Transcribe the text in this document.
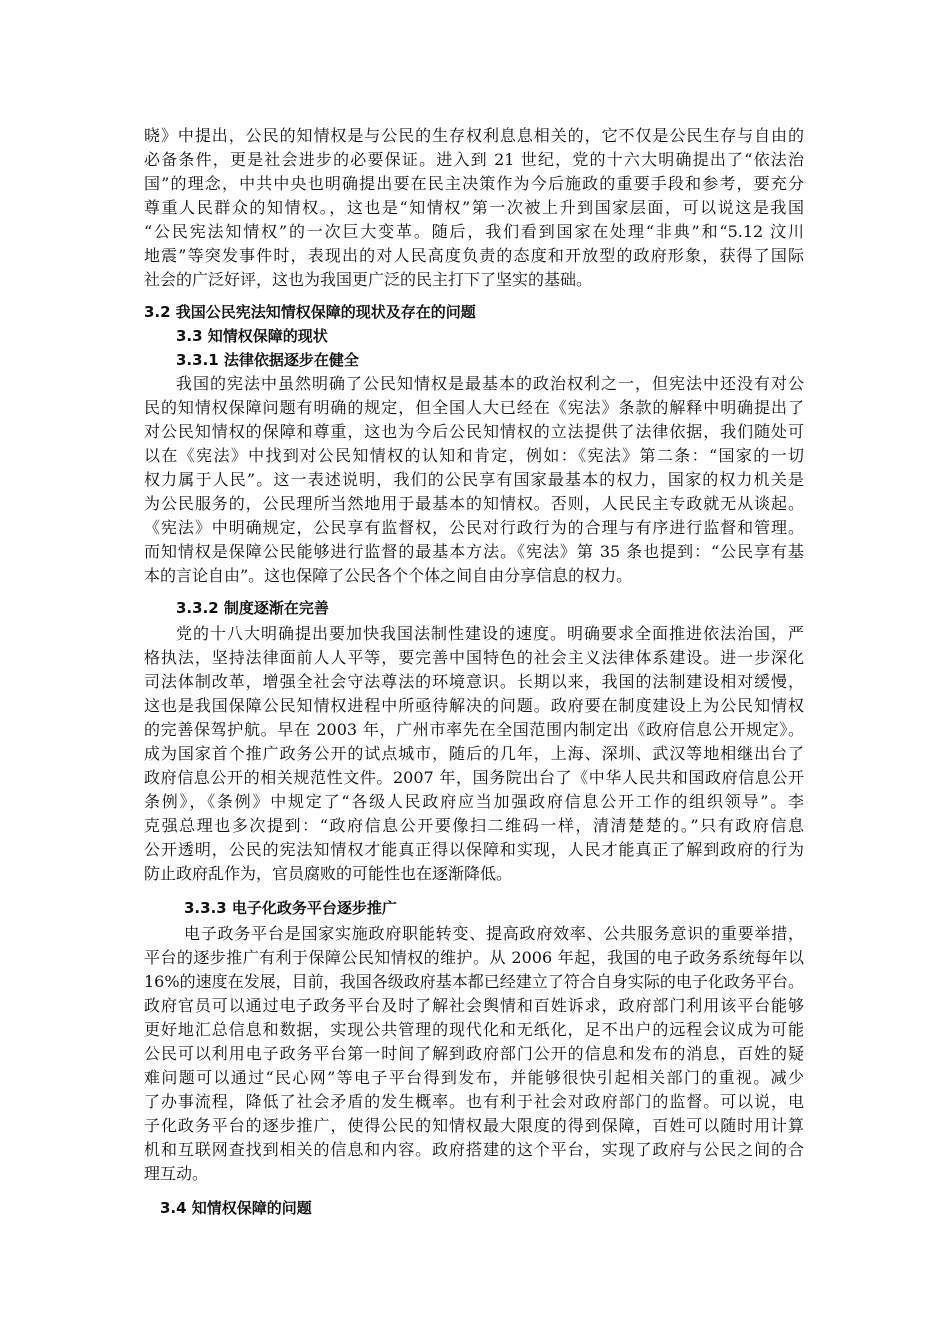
晓》中提出，公民的知情权是与公民的生存权利息息相关的，它不仅是公民生存与自由的
必备条件，更是社会进步的必要保证。进入到 21 世纪，党的十六大明确提出了“依法治
国”的理念，中共中央也明确提出要在民主决策作为今后施政的重要手段和参考，要充分
尊重人民群众的知情权。，这也是“知情权”第一次被上升到国家层面，可以说这是我国
“公民宪法知情权”的一次巨大变革。随后，我们看到国家在处理“非典”和“5.12 汶川
地震”等突发事件时，表现出的对人民高度负责的态度和开放型的政府形象，获得了国际
社会的广泛好评，这也为我国更广泛的民主打下了坚实的基础。
3.2 我国公民宪法知情权保障的现状及存在的问题
3.3 知情权保障的现状
3.3.1 法律依据逐步在健全
我国的宪法中虽然明确了公民知情权是最基本的政治权利之一，但宪法中还没有对公
民的知情权保障问题有明确的规定，但全国人大已经在《宪法》条款的解释中明确提出了
对公民知情权的保障和尊重，这也为今后公民知情权的立法提供了法律依据，我们随处可
以在《宪法》中找到对公民知情权的认知和肯定，例如：《宪法》第二条：“国家的一切
权力属于人民”。这一表述说明，我们的公民享有国家最基本的权力，国家的权力机关是
为公民服务的，公民理所当然地用于最基本的知情权。否则，人民民主专政就无从谈起。
《宪法》中明确规定，公民享有监督权，公民对行政行为的合理与有序进行监督和管理。
而知情权是保障公民能够进行监督的最基本方法。《宪法》第 35 条也提到：“公民享有基
本的言论自由”。这也保障了公民各个个体之间自由分享信息的权力。
3.3.2 制度逐渐在完善
党的十八大明确提出要加快我国法制性建设的速度。明确要求全面推进依法治国，严
格执法，坚持法律面前人人平等，要完善中国特色的社会主义法律体系建设。进一步深化
司法体制改革，增强全社会守法尊法的环境意识。长期以来，我国的法制建设相对缓慢，
这也是我国保障公民知情权进程中所亟待解决的问题。政府要在制度建设上为公民知情权
的完善保驾护航。早在 2003 年，广州市率先在全国范围内制定出《政府信息公开规定》。
成为国家首个推广政务公开的试点城市，随后的几年，上海、深圳、武汉等地相继出台了
政府信息公开的相关规范性文件。2007 年，国务院出台了《中华人民共和国政府信息公开
条例》，《条例》中规定了“各级人民政府应当加强政府信息公开工作的组织领导”。李
克强总理也多次提到：“政府信息公开要像扫二维码一样，清清楚楚的。”只有政府信息
公开透明，公民的宪法知情权才能真正得以保障和实现，人民才能真正了解到政府的行为
防止政府乱作为，官员腐败的可能性也在逐渐降低。
3.3.3 电子化政务平台逐步推广
电子政务平台是国家实施政府职能转变、提高政府效率、公共服务意识的重要举措，
平台的逐步推广有利于保障公民知情权的维护。从 2006 年起，我国的电子政务系统每年以
16%的速度在发展，目前，我国各级政府基本都已经建立了符合自身实际的电子化政务平台。
政府官员可以通过电子政务平台及时了解社会舆情和百姓诉求，政府部门利用该平台能够
更好地汇总信息和数据，实现公共管理的现代化和无纸化，足不出户的远程会议成为可能
公民可以利用电子政务平台第一时间了解到政府部门公开的信息和发布的消息，百姓的疑
难问题可以通过“民心网”等电子平台得到发布，并能够很快引起相关部门的重视。减少
了办事流程，降低了社会矛盾的发生概率。也有利于社会对政府部门的监督。可以说，电
子化政务平台的逐步推广，使得公民的知情权最大限度的得到保障，百姓可以随时用计算
机和互联网查找到相关的信息和内容。政府搭建的这个平台，实现了政府与公民之间的合
理互动。
3.4 知情权保障的问题
